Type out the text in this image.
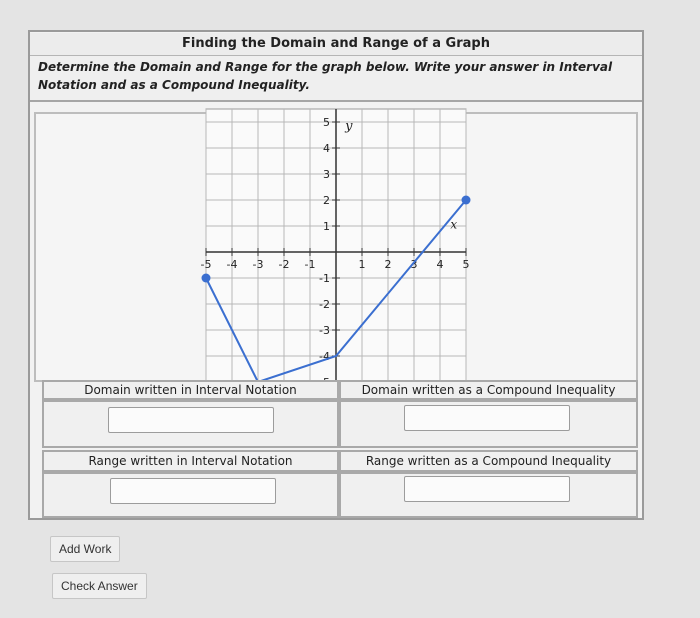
Finding the Domain and Range of a Graph
Determine the Domain and Range for the graph below. Write your answer in Interval Notation and as a Compound Inequality.
-5 -4 -3 -2 -1	1 2 3 4 5
5
4
3
2
1
-1
-2
-3
-4
x
y
Domain written in Interval Notation	Domain written as a Compound Inequality
Range written in Interval Notation	Range written as a Compound Inequality
Add Work
Check Answer
